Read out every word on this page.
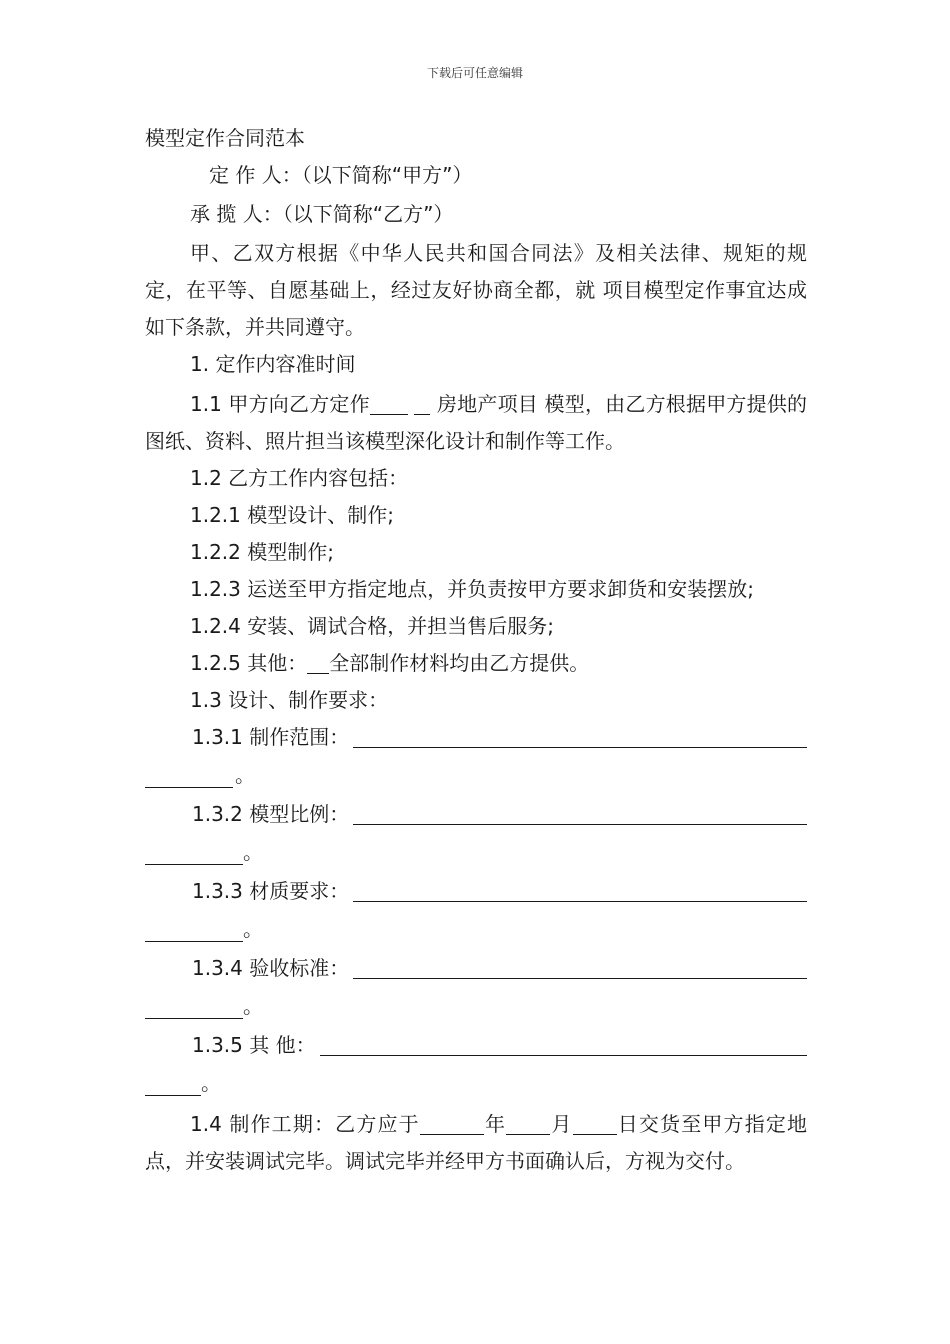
下载后可任意编辑
模型定作合同范本
定 作 人：（以下简称“甲方”）
承 揽 人：（以下简称“乙方”）
甲、乙双方根据《中华人民共和国合同法》及相关法律、规矩的规定，在平等、自愿基础上，经过友好协商全都，就 项目模型定作事宜达成如下条款，并共同遵守。
1. 定作内容准时间
1.1 甲方向乙方定作	房地产项目 模型，由乙方根据甲方提供的图纸、资料、照片担当该模型深化设计和制作等工作。
1.2 乙方工作内容包括：
1.2.1 模型设计、制作;
1.2.2 模型制作;
1.2.3 运送至甲方指定地点，并负责按甲方要求卸货和安装摆放;
1.2.4 安装、调试合格，并担当售后服务;
1.2.5 其他： 全部制作材料均由乙方提供。
1.3 设计、制作要求：
1.3.1 制作范围：
。
1.3.2 模型比例：
。
1.3.3 材质要求：
。
1.3.4 验收标准：
。
1.3.5 其 他：
。
1.4 制作工期：乙方应于	年 月 日交货至甲方指定地点，并安装调试完毕。调试完毕并经甲方书面确认后，方视为交付。
